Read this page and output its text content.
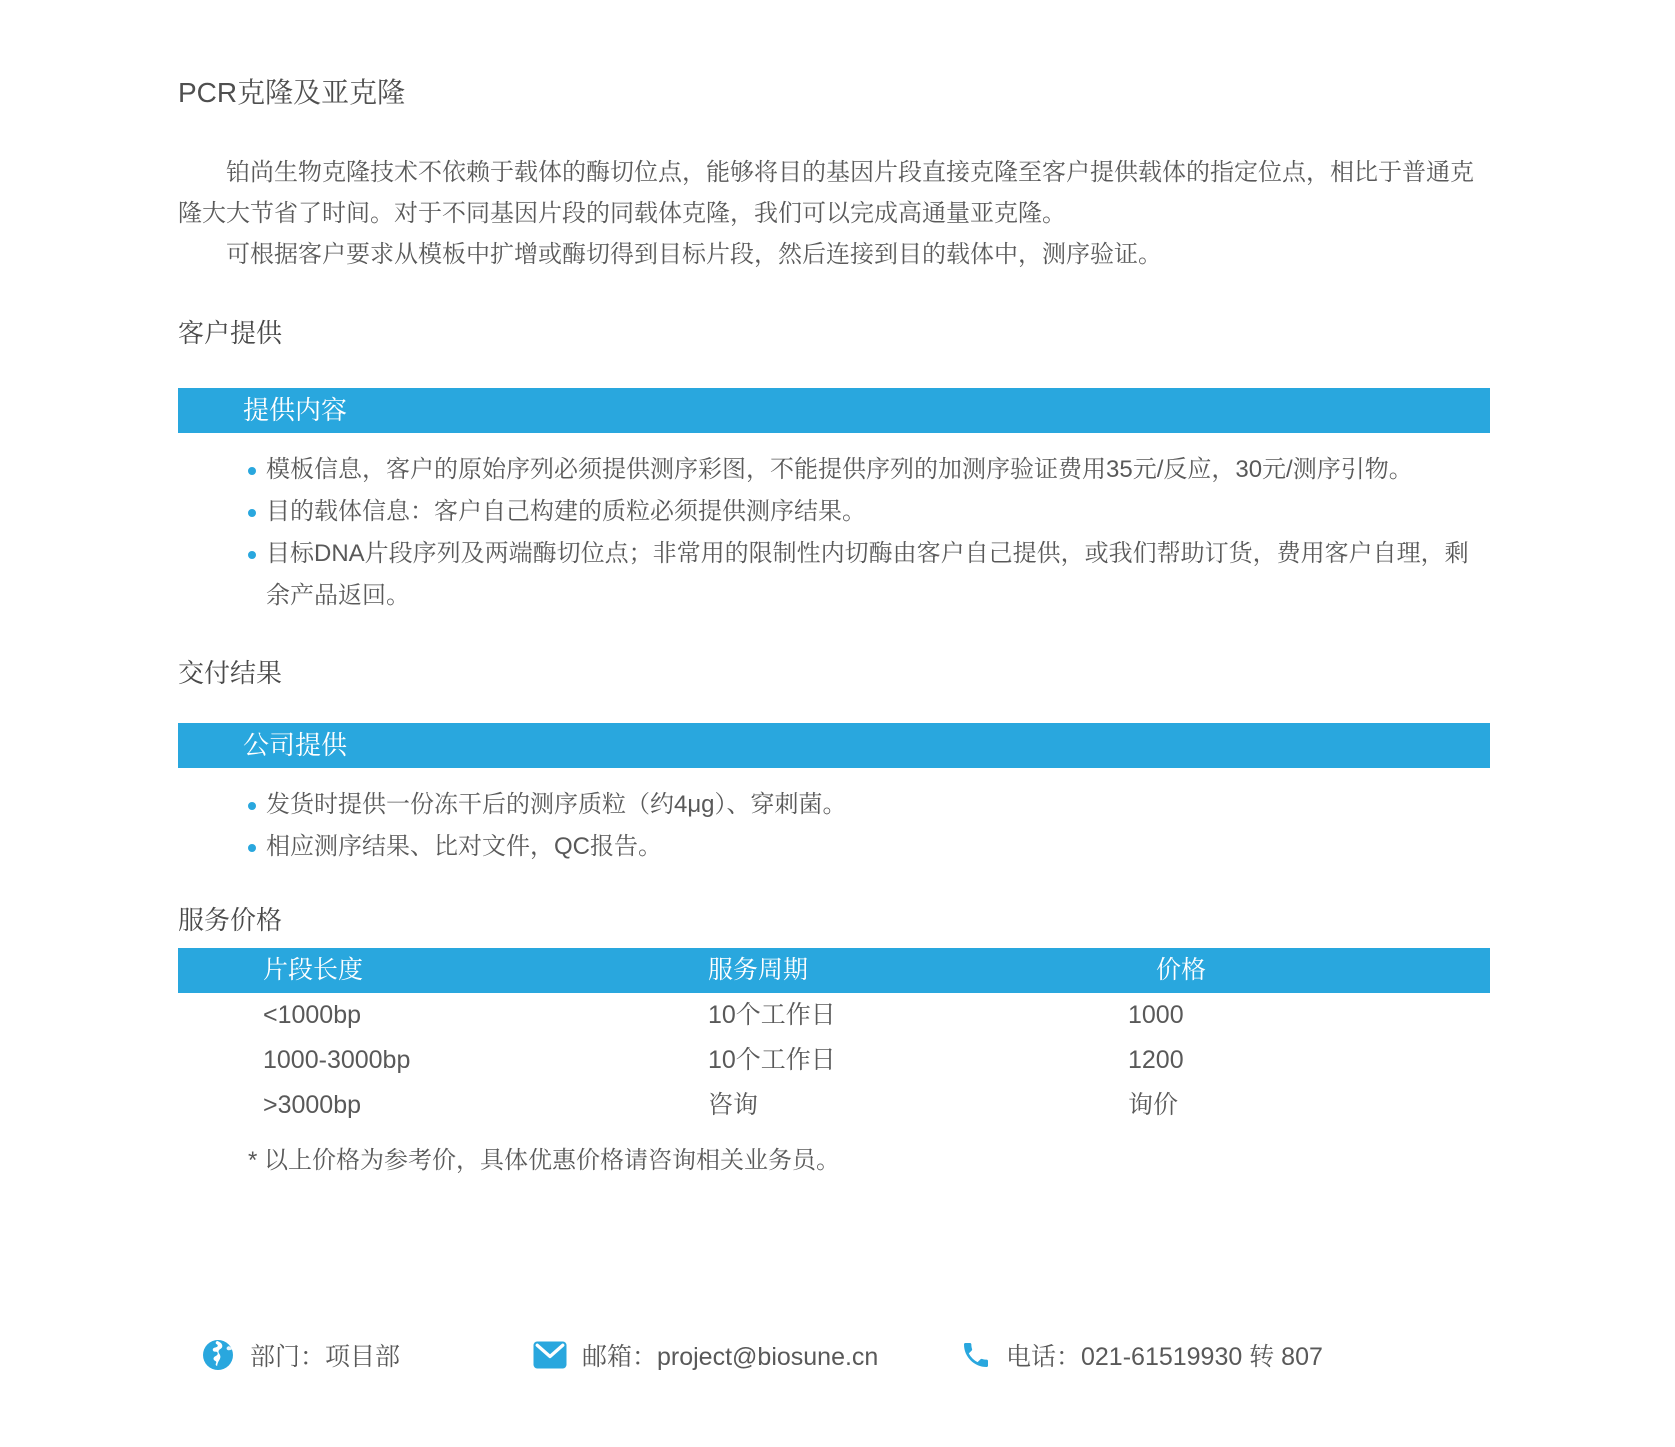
PCR克隆及亚克隆

铂尚生物克隆技术不依赖于载体的酶切位点，能够将目的基因片段直接克隆至客户提供载体的指定位点，相比于普通克隆大大节省了时间。对于不同基因片段的同载体克隆，我们可以完成高通量亚克隆。

可根据客户要求从模板中扩增或酶切得到目标片段，然后连接到目的载体中，测序验证。

客户提供
提供内容
模板信息，客户的原始序列必须提供测序彩图，不能提供序列的加测序验证费用35元/反应，30元/测序引物。
目的载体信息：客户自己构建的质粒必须提供测序结果。
目标DNA片段序列及两端酶切位点；非常用的限制性内切酶由客户自己提供，或我们帮助订货，费用客户自理，剩余产品返回。
交付结果
公司提供
发货时提供一份冻干后的测序质粒（约4μg）、穿刺菌。
相应测序结果、比对文件，QC报告。
服务价格
片段长度	服务周期	价格
<1000bp	10个工作日	1000
1000-3000bp	10个工作日	1200
>3000bp	咨询	询价
* 以上价格为参考价，具体优惠价格请咨询相关业务员。
部门：项目部	邮箱：project@biosune.cn	电话：021-61519930 转 807
